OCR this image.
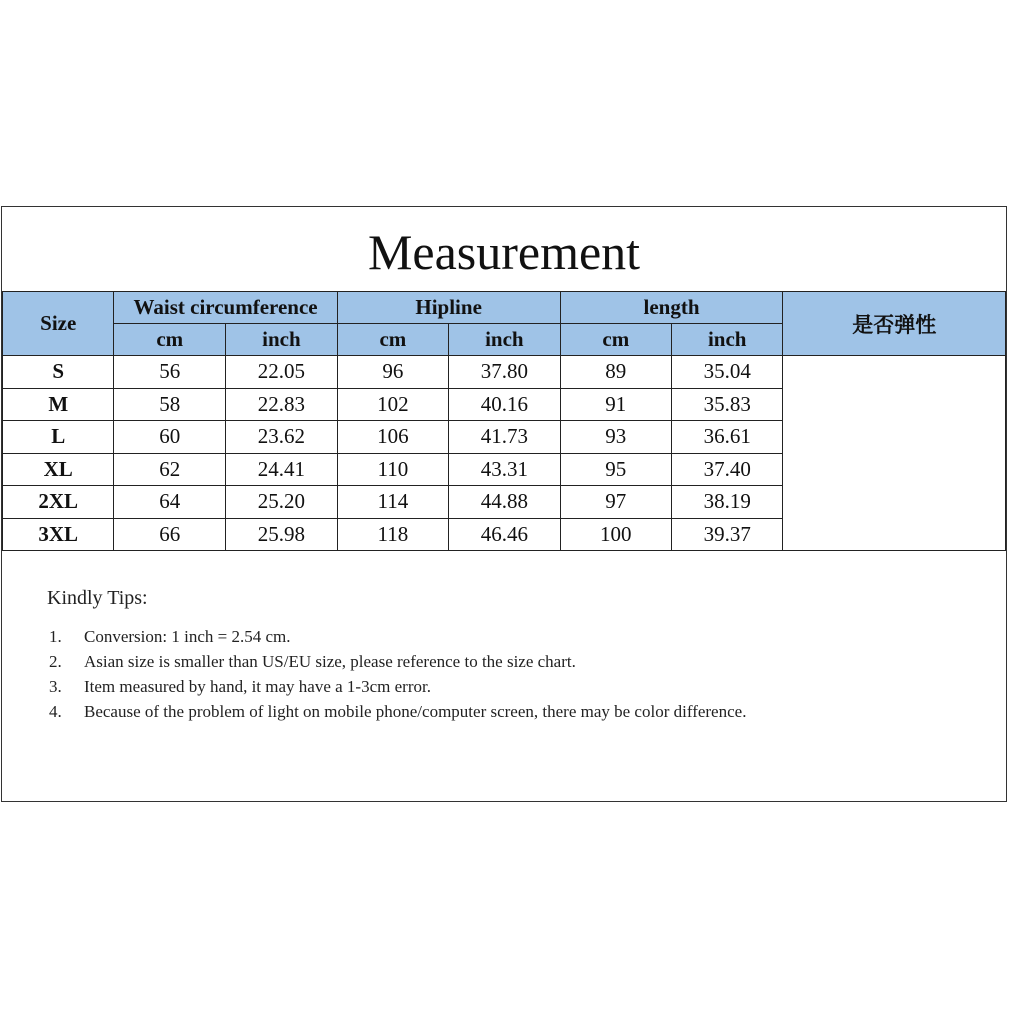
Measurement
Size	Waist circumference		Hipline		length		是否弹性
	cm	inch	cm	inch	cm	inch	
S	56	22.05	96	37.80	89	35.04	
M	58	22.83	102	40.16	91	35.83	
L	60	23.62	106	41.73	93	36.61	
XL	62	24.41	110	43.31	95	37.40	
2XL	64	25.20	114	44.88	97	38.19	
3XL	66	25.98	118	46.46	100	39.37	
Kindly Tips:
1. Conversion: 1 inch = 2.54 cm.
2. Asian size is smaller than US/EU size, please reference to the size chart.
3. Item measured by hand, it may have a 1-3cm error.
4. Because of the problem of light on mobile phone/computer screen, there may be color difference.
